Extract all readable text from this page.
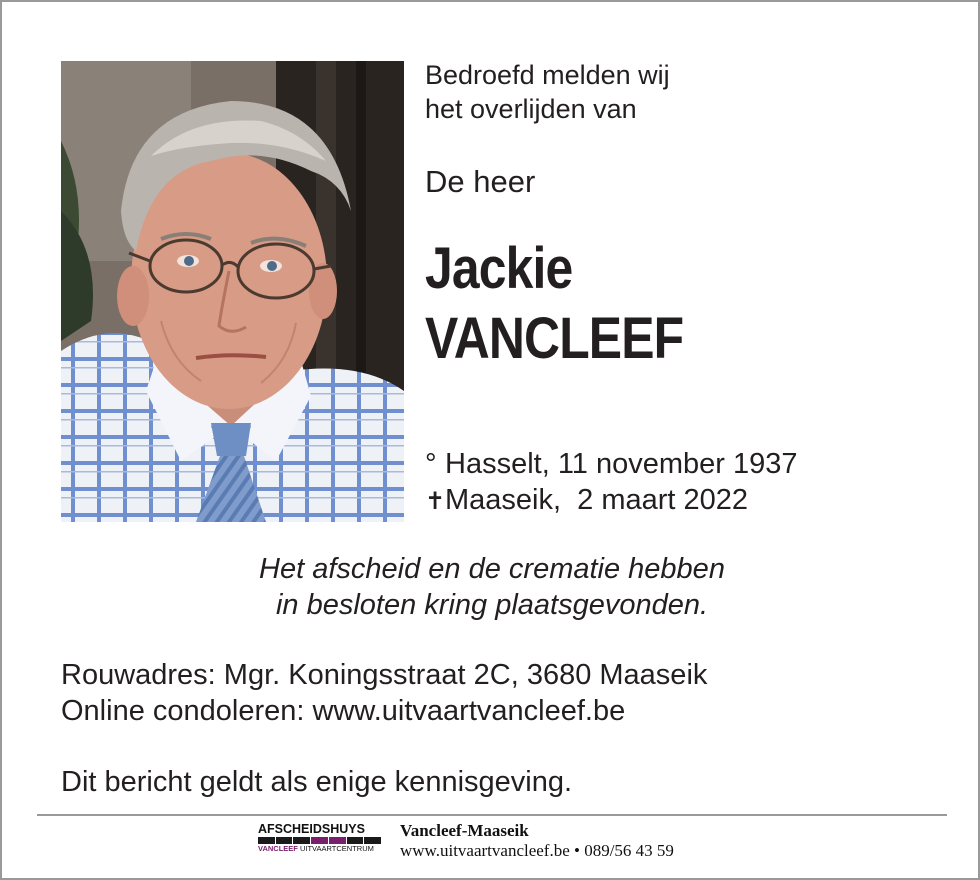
Bedroefd melden wij
het overlijden van
De heer
Jackie
VANCLEEF
° Hasselt, 11 november 1937
✝Maaseik,  2 maart 2022
Het afscheid en de crematie hebben
in besloten kring plaatsgevonden.
Rouwadres: Mgr. Koningsstraat 2C, 3680 Maaseik
Online condoleren: www.uitvaartvancleef.be
Dit bericht geldt als enige kennisgeving.
AFSCHEIDSHUYS
VANCLEEF UITVAARTCENTRUM
Vancleef-Maaseik
www.uitvaartvancleef.be • 089/56 43 59
